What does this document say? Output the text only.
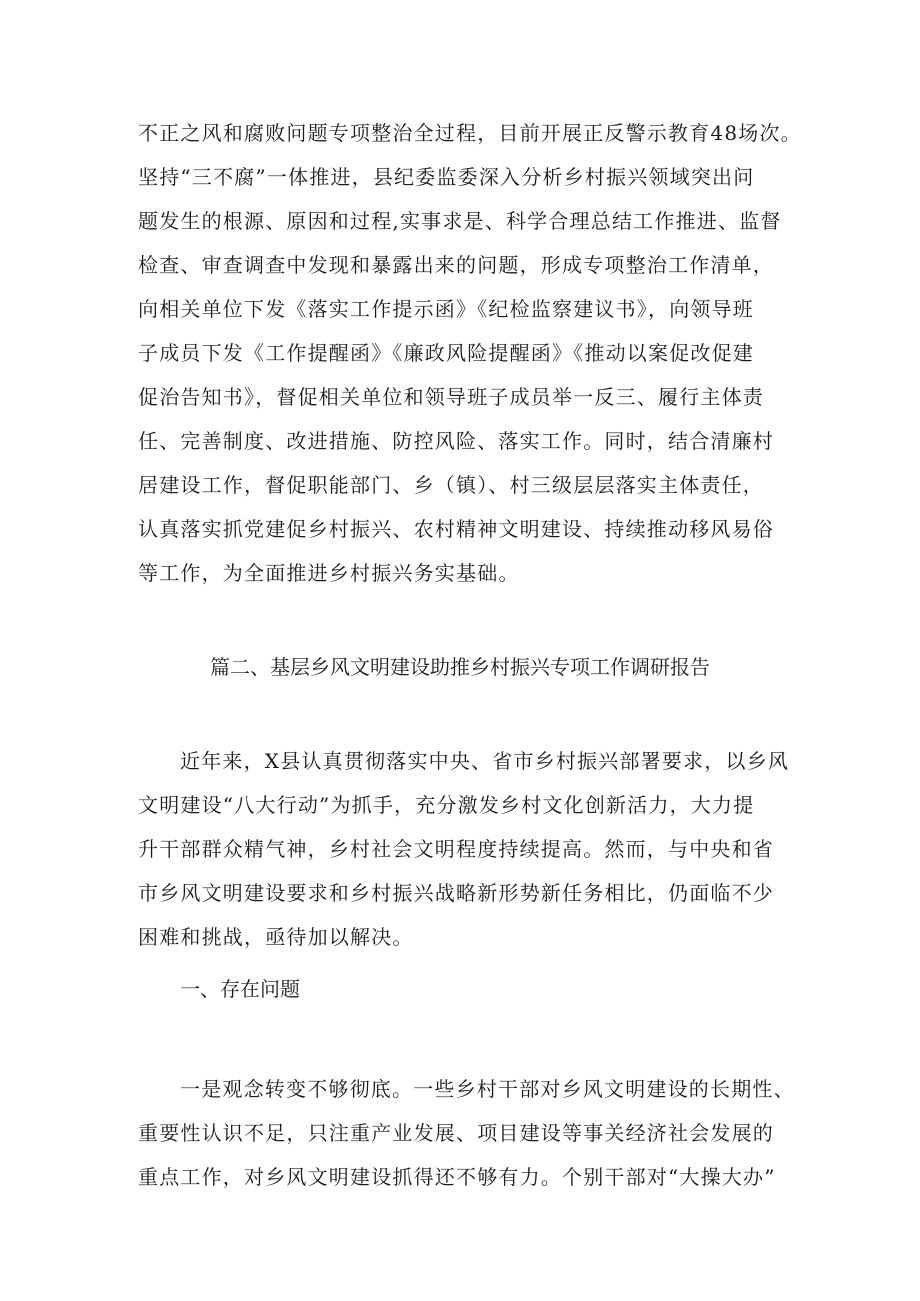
不正之风和腐败问题专项整治全过程，目前开展正反警示教育48场次。
坚持“三不腐”一体推进，县纪委监委深入分析乡村振兴领域突出问
题发生的根源、原因和过程,实事求是、科学合理总结工作推进、监督
检查、审查调查中发现和暴露出来的问题，形成专项整治工作清单，
向相关单位下发《落实工作提示函》《纪检监察建议书》，向领导班
子成员下发《工作提醒函》《廉政风险提醒函》《推动以案促改促建
促治告知书》，督促相关单位和领导班子成员举一反三、履行主体责
任、完善制度、改进措施、防控风险、落实工作。同时，结合清廉村
居建设工作，督促职能部门、乡（镇）、村三级层层落实主体责任，
认真落实抓党建促乡村振兴、农村精神文明建设、持续推动移风易俗
等工作，为全面推进乡村振兴务实基础。
篇二、基层乡风文明建设助推乡村振兴专项工作调研报告
近年来，X县认真贯彻落实中央、省市乡村振兴部署要求，以乡风
文明建设“八大行动”为抓手，充分激发乡村文化创新活力，大力提
升干部群众精气神，乡村社会文明程度持续提高。然而，与中央和省
市乡风文明建设要求和乡村振兴战略新形势新任务相比，仍面临不少
困难和挑战，亟待加以解决。
一、存在问题
一是观念转变不够彻底。一些乡村干部对乡风文明建设的长期性、
重要性认识不足，只注重产业发展、项目建设等事关经济社会发展的
重点工作，对乡风文明建设抓得还不够有力。个别干部对“大操大办”
